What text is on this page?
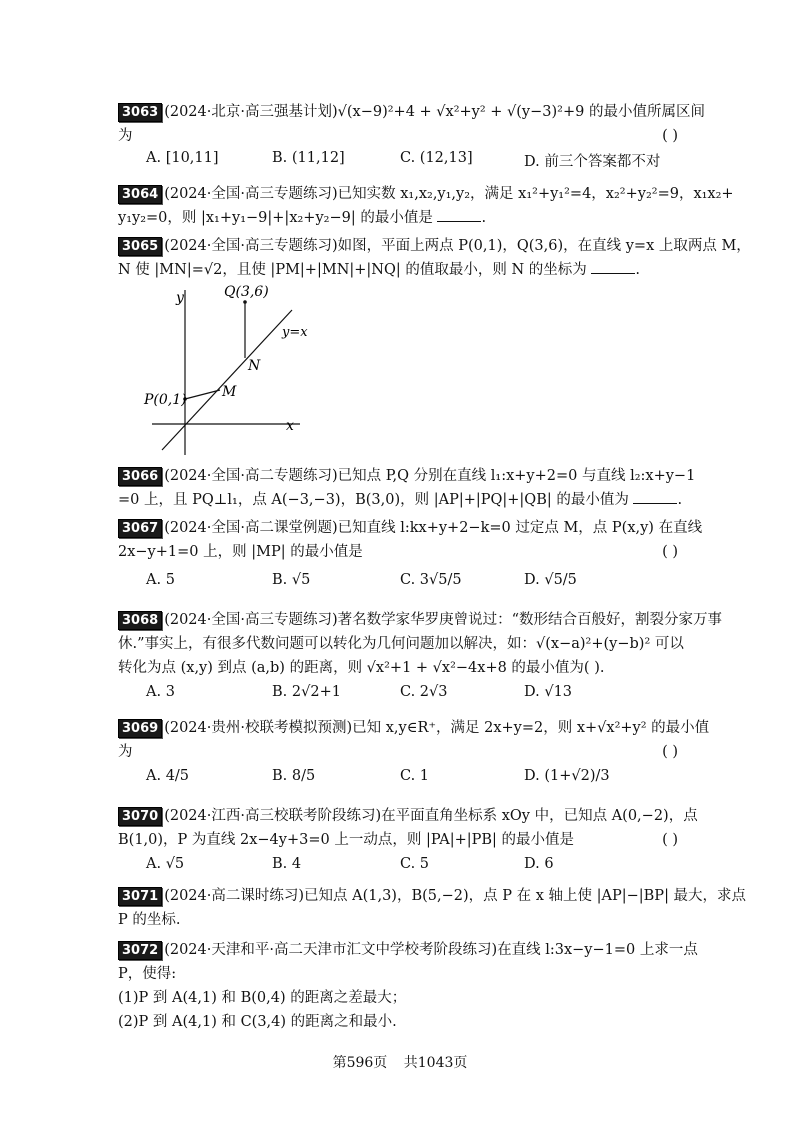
3063 (2024·北京·高三强基计划)√(x−9)²+4 + √x²+y² + √(y−3)²+9 的最小值所属区间
为	( )
A. [10,11]	B. (11,12]	C. (12,13]	D. 前三个答案都不对
3064 (2024·全国·高三专题练习)已知实数 x₁,x₂,y₁,y₂，满足 x₁²+y₁²=4，x₂²+y₂²=9，x₁x₂+
y₁y₂=0，则 |x₁+y₁−9|+|x₂+y₂−9| 的最小值是	.
3065 (2024·全国·高三专题练习)如图，平面上两点 P(0,1)，Q(3,6)，在直线 y=x 上取两点 M，
N 使 |MN|=√2，且使 |PM|+|MN|+|NQ| 的值取最小，则 N 的坐标为	.
y
x
Q(3,6)
P(0,1)	M
N
y=x
3066 (2024·全国·高二专题练习)已知点 P,Q 分别在直线 l₁:x+y+2=0 与直线 l₂:x+y−1
=0 上，且 PQ⊥l₁，点 A(−3,−3)，B(3,0)，则 |AP|+|PQ|+|QB| 的最小值为	.
3067 (2024·全国·高二课堂例题)已知直线 l:kx+y+2−k=0 过定点 M，点 P(x,y) 在直线
2x−y+1=0 上，则 |MP| 的最小值是	( )
A. 5	B. √5	C. 3√5/5	D. √5/5
3068 (2024·全国·高三专题练习)著名数学家华罗庚曾说过：“数形结合百般好，割裂分家万事
休.”事实上，有很多代数问题可以转化为几何问题加以解决，如：√(x−a)²+(y−b)² 可以
转化为点 (x,y) 到点 (a,b) 的距离，则 √x²+1 + √x²−4x+8 的最小值为( ).
A. 3	B. 2√2+1	C. 2√3	D. √13
3069 (2024·贵州·校联考模拟预测)已知 x,y∈R⁺，满足 2x+y=2，则 x+√x²+y² 的最小值
为	( )
A. 4/5	B. 8/5	C. 1	D. (1+√2)/3
3070 (2024·江西·高三校联考阶段练习)在平面直角坐标系 xOy 中，已知点 A(0,−2)，点
B(1,0)，P 为直线 2x−4y+3=0 上一动点，则 |PA|+|PB| 的最小值是	( )
A. √5	B. 4	C. 5	D. 6
3071 (2024·高二课时练习)已知点 A(1,3)，B(5,−2)，点 P 在 x 轴上使 |AP|−|BP| 最大，求点
P 的坐标.
3072 (2024·天津和平·高二天津市汇文中学校考阶段练习)在直线 l:3x−y−1=0 上求一点
P，使得:
(1)P 到 A(4,1) 和 B(0,4) 的距离之差最大；
(2)P 到 A(4,1) 和 C(3,4) 的距离之和最小.
第596页 共1043页
